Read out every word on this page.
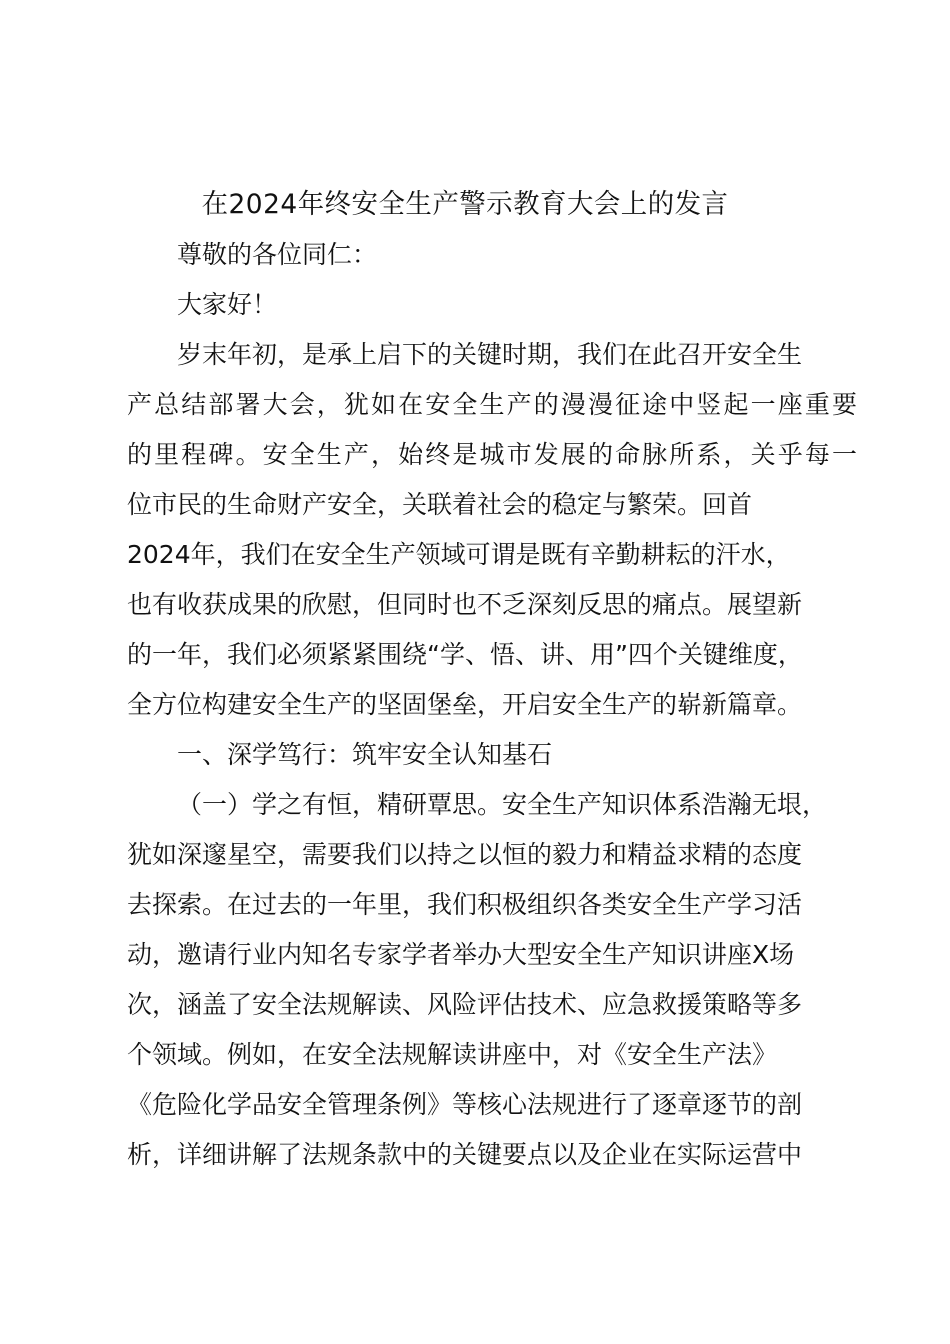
在2024年终安全生产警示教育大会上的发言
尊敬的各位同仁：
大家好！
岁末年初，是承上启下的关键时期，我们在此召开安全生
产总结部署大会，犹如在安全生产的漫漫征途中竖起一座重要
的里程碑。安全生产，始终是城市发展的命脉所系，关乎每一
位市民的生命财产安全，关联着社会的稳定与繁荣。回首
2024年，我们在安全生产领域可谓是既有辛勤耕耘的汗水，
也有收获成果的欣慰，但同时也不乏深刻反思的痛点。展望新
的一年，我们必须紧紧围绕“学、悟、讲、用”四个关键维度，
全方位构建安全生产的坚固堡垒，开启安全生产的崭新篇章。
一、深学笃行：筑牢安全认知基石
（一）学之有恒，精研覃思。安全生产知识体系浩瀚无垠，
犹如深邃星空，需要我们以持之以恒的毅力和精益求精的态度
去探索。在过去的一年里，我们积极组织各类安全生产学习活
动，邀请行业内知名专家学者举办大型安全生产知识讲座X场
次，涵盖了安全法规解读、风险评估技术、应急救援策略等多
个领域。例如，在安全法规解读讲座中，对《安全生产法》
《危险化学品安全管理条例》等核心法规进行了逐章逐节的剖
析，详细讲解了法规条款中的关键要点以及企业在实际运营中
